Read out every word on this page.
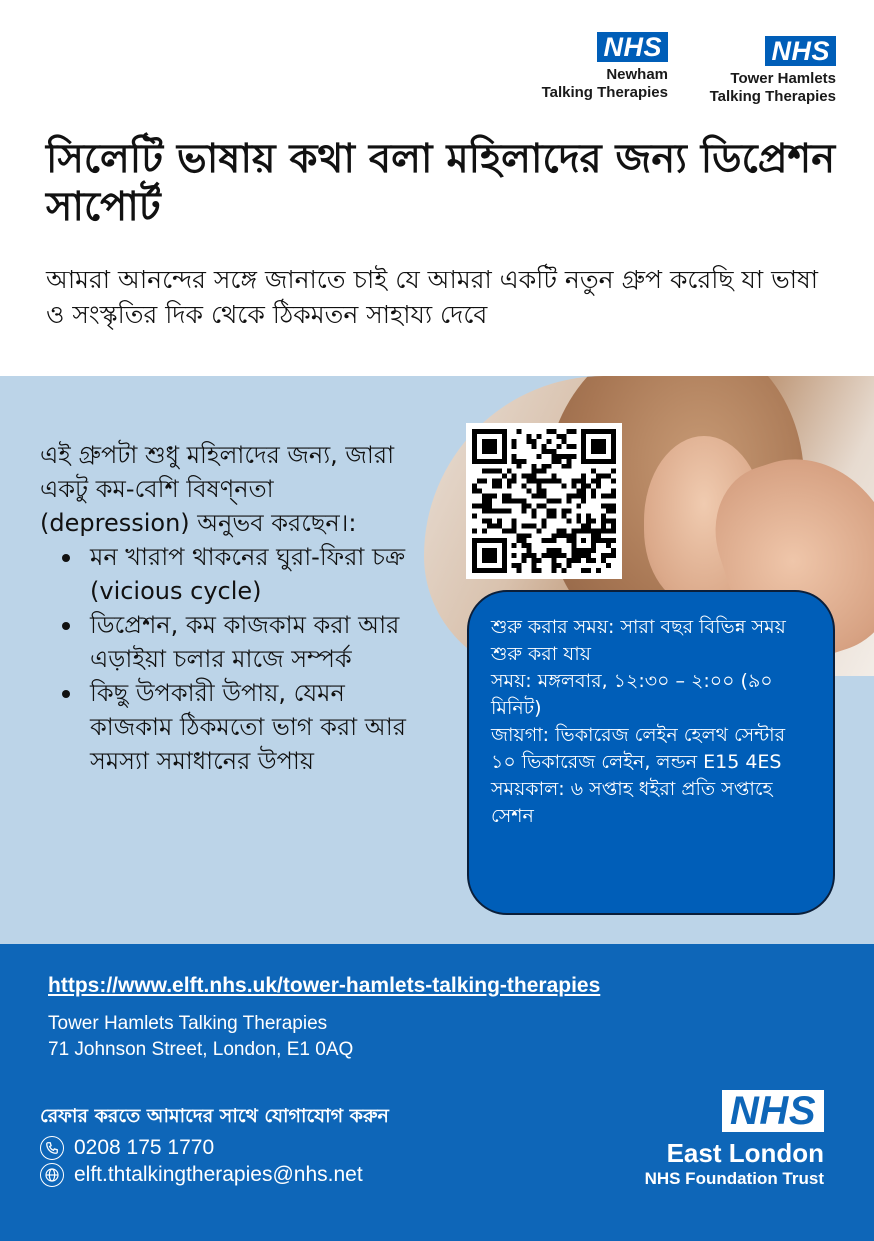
NHS
Newham
Talking Therapies
NHS
Tower Hamlets
Talking Therapies
সিলেটি ভাষায় কথা বলা মহিলাদের জন্য ডিপ্রেশন সাপোর্ট

আমরা আনন্দের সঙ্গে জানাতে চাই যে আমরা একটি নতুন গ্রুপ করেছি যা ভাষা ও সংস্কৃতির দিক থেকে ঠিকমতন সাহায্য দেবে

এই গ্রুপটা শুধু মহিলাদের জন্য, জারা একটু কম-বেশি বিষণ্নতা (depression) অনুভব করছেন।:

মন খারাপ থাকনের ঘুরা-ফিরা চক্র (vicious cycle)
ডিপ্রেশন, কম কাজকাম করা আর এড়াইয়া চলার মাজে সম্পর্ক
কিছু উপকারী উপায়, যেমন কাজকাম ঠিকমতো ভাগ করা আর সমস্যা সমাধানের উপায়

শুরু করার সময়: সারা বছর বিভিন্ন সময় শুরু করা যায়

সময়: মঙ্গলবার, ১২:৩০ – ২:০০ (৯০ মিনিট)

জায়গা: ভিকারেজ লেইন হেলথ সেন্টার

১০ ভিকারেজ লেইন, লন্ডন E15 4ES

সময়কাল: ৬ সপ্তাহ ধইরা প্রতি সপ্তাহে সেশন

https://www.elft.nhs.uk/tower-hamlets-talking-therapies
Tower Hamlets Talking Therapies
71 Johnson Street, London, E1 0AQ
রেফার করতে আমাদের সাথে যোগাযোগ করুন
0208 175 1770
elft.thtalkingtherapies@nhs.net
NHS
East London
NHS Foundation Trust
